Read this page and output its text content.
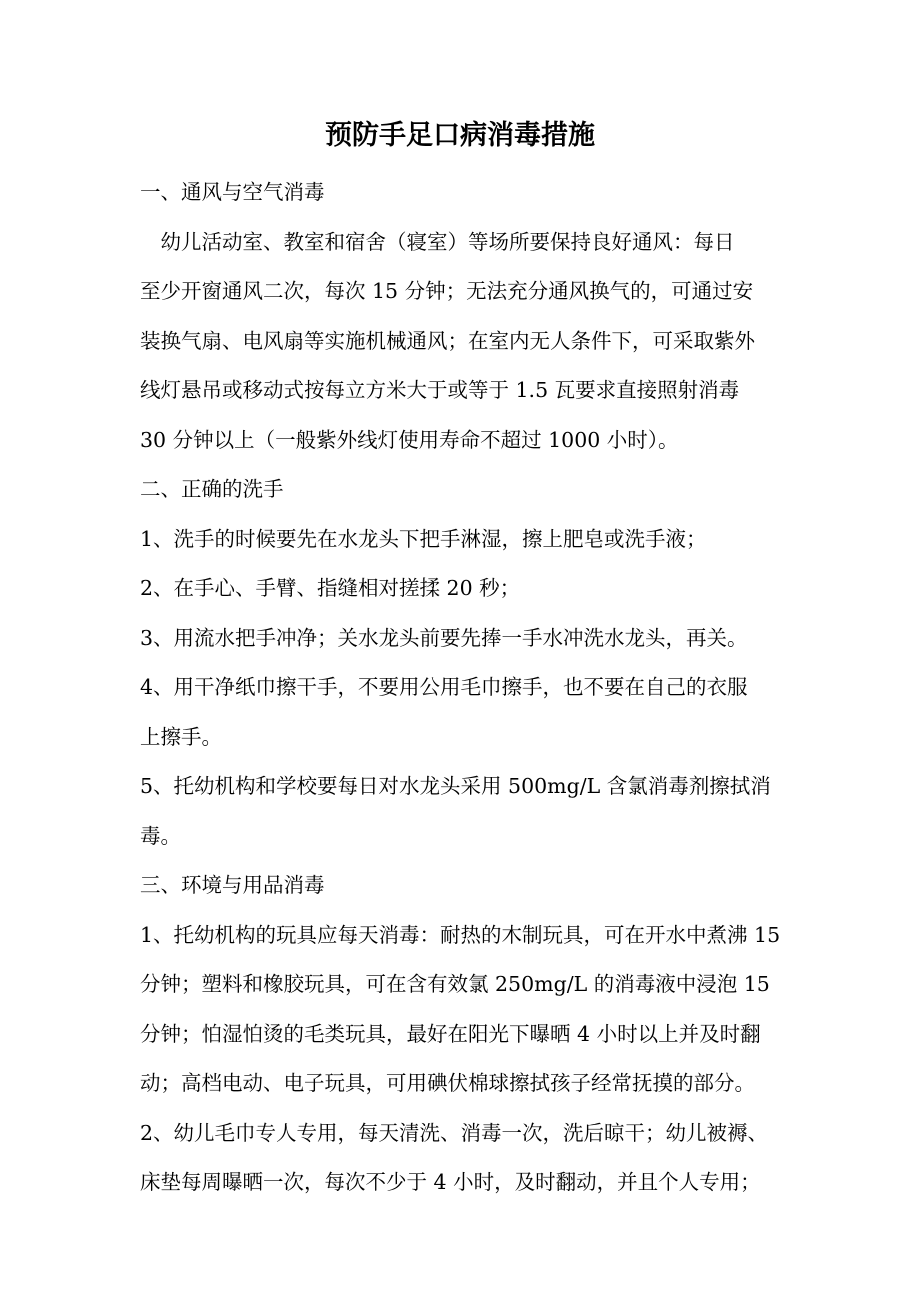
预防手足口病消毒措施

一、通风与空气消毒

　幼儿活动室、教室和宿舍（寝室）等场所要保持良好通风：每日

至少开窗通风二次，每次 15 分钟；无法充分通风换气的，可通过安

装换气扇、电风扇等实施机械通风；在室内无人条件下，可采取紫外

线灯悬吊或移动式按每立方米大于或等于 1.5 瓦要求直接照射消毒

30 分钟以上（一般紫外线灯使用寿命不超过 1000 小时）。

二、正确的洗手

1、洗手的时候要先在水龙头下把手淋湿，擦上肥皂或洗手液；

2、在手心、手臂、指缝相对搓揉 20 秒；

3、用流水把手冲净；关水龙头前要先捧一手水冲洗水龙头，再关。

4、用干净纸巾擦干手，不要用公用毛巾擦手，也不要在自己的衣服

上擦手。

5、托幼机构和学校要每日对水龙头采用 500mg/L 含氯消毒剂擦拭消

毒。

三、环境与用品消毒

1、托幼机构的玩具应每天消毒：耐热的木制玩具，可在开水中煮沸 15

分钟；塑料和橡胶玩具，可在含有效氯 250mg/L 的消毒液中浸泡 15

分钟；怕湿怕烫的毛类玩具，最好在阳光下曝晒 4 小时以上并及时翻

动；高档电动、电子玩具，可用碘伏棉球擦拭孩子经常抚摸的部分。

2、幼儿毛巾专人专用，每天清洗、消毒一次，洗后晾干；幼儿被褥、

床垫每周曝晒一次，每次不少于 4 小时，及时翻动，并且个人专用；
